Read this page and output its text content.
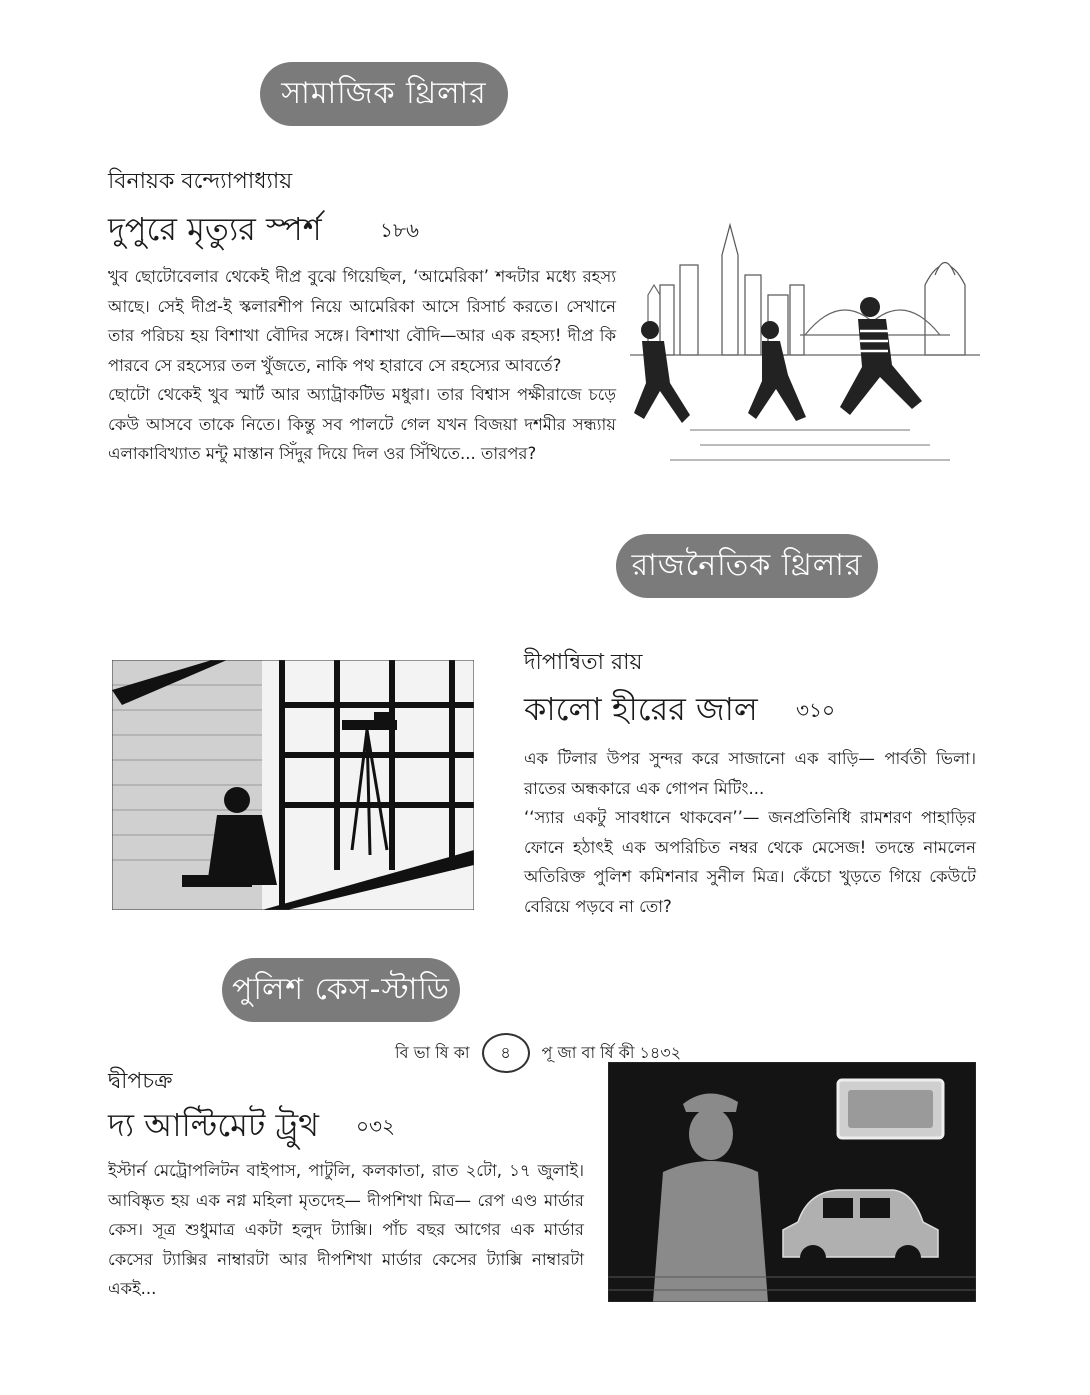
সামাজিক থ্রিলার
বিনায়ক বন্দ্যোপাধ্যায়
দুপুরে মৃত্যুর স্পর্শ	১৮৬

খুব ছোটোবেলার থেকেই দীপ্র বুঝে গিয়েছিল, ‘আমেরিকা’ শব্দটার মধ্যে রহস্য আছে। সেই দীপ্র-ই স্কলারশীপ নিয়ে আমেরিকা আসে রিসার্চ করতে। সেখানে তার পরিচয় হয় বিশাখা বৌদির সঙ্গে। বিশাখা বৌদি—আর এক রহস্য! দীপ্র কি পারবে সে রহস্যের তল খুঁজতে, নাকি পথ হারাবে সে রহস্যের আবর্তে?

ছোটো থেকেই খুব স্মার্ট আর অ্যাট্রাকটিভ মধুরা। তার বিশ্বাস পক্ষীরাজে চড়ে কেউ আসবে তাকে নিতে। কিন্তু সব পালটে গেল যখন বিজয়া দশমীর সন্ধ্যায় এলাকাবিখ্যাত মন্টু মাস্তান সিঁদুর দিয়ে দিল ওর সিঁথিতে... তারপর?

রাজনৈতিক থ্রিলার
দীপান্বিতা রায়
কালো হীরের জাল ৩১০

এক টিলার উপর সুন্দর করে সাজানো এক বাড়ি— পার্বতী ভিলা। রাতের অন্ধকারে এক গোপন মিটিং...

‘‘স্যার একটু সাবধানে থাকবেন’’— জনপ্রতিনিধি রামশরণ পাহাড়ির ফোনে হঠাৎই এক অপরিচিত নম্বর থেকে মেসেজ! তদন্তে নামলেন অতিরিক্ত পুলিশ কমিশনার সুনীল মিত্র। কেঁচো খুড়তে গিয়ে কেউটে বেরিয়ে পড়বে না তো?

পুলিশ কেস-স্টাডি
দ্বীপচক্র
দ্য আল্টিমেট ট্রুথ ০৩২

ইস্টার্ন মেট্রোপলিটন বাইপাস, পাটুলি, কলকাতা, রাত ২টো, ১৭ জুলাই। আবিষ্কৃত হয় এক নগ্ন মহিলা মৃতদেহ— দীপশিখা মিত্র— রেপ এণ্ড মার্ডার কেস। সূত্র শুধুমাত্র একটা হলুদ ট্যাক্সি। পাঁচ বছর আগের এক মার্ডার কেসের ট্যাক্সির নাম্বারটা আর দীপশিখা মার্ডার কেসের ট্যাক্সি নাম্বারটা একই...

বি ভা ষি কা ৪ পূ জা বা র্ষি কী ১৪৩২
